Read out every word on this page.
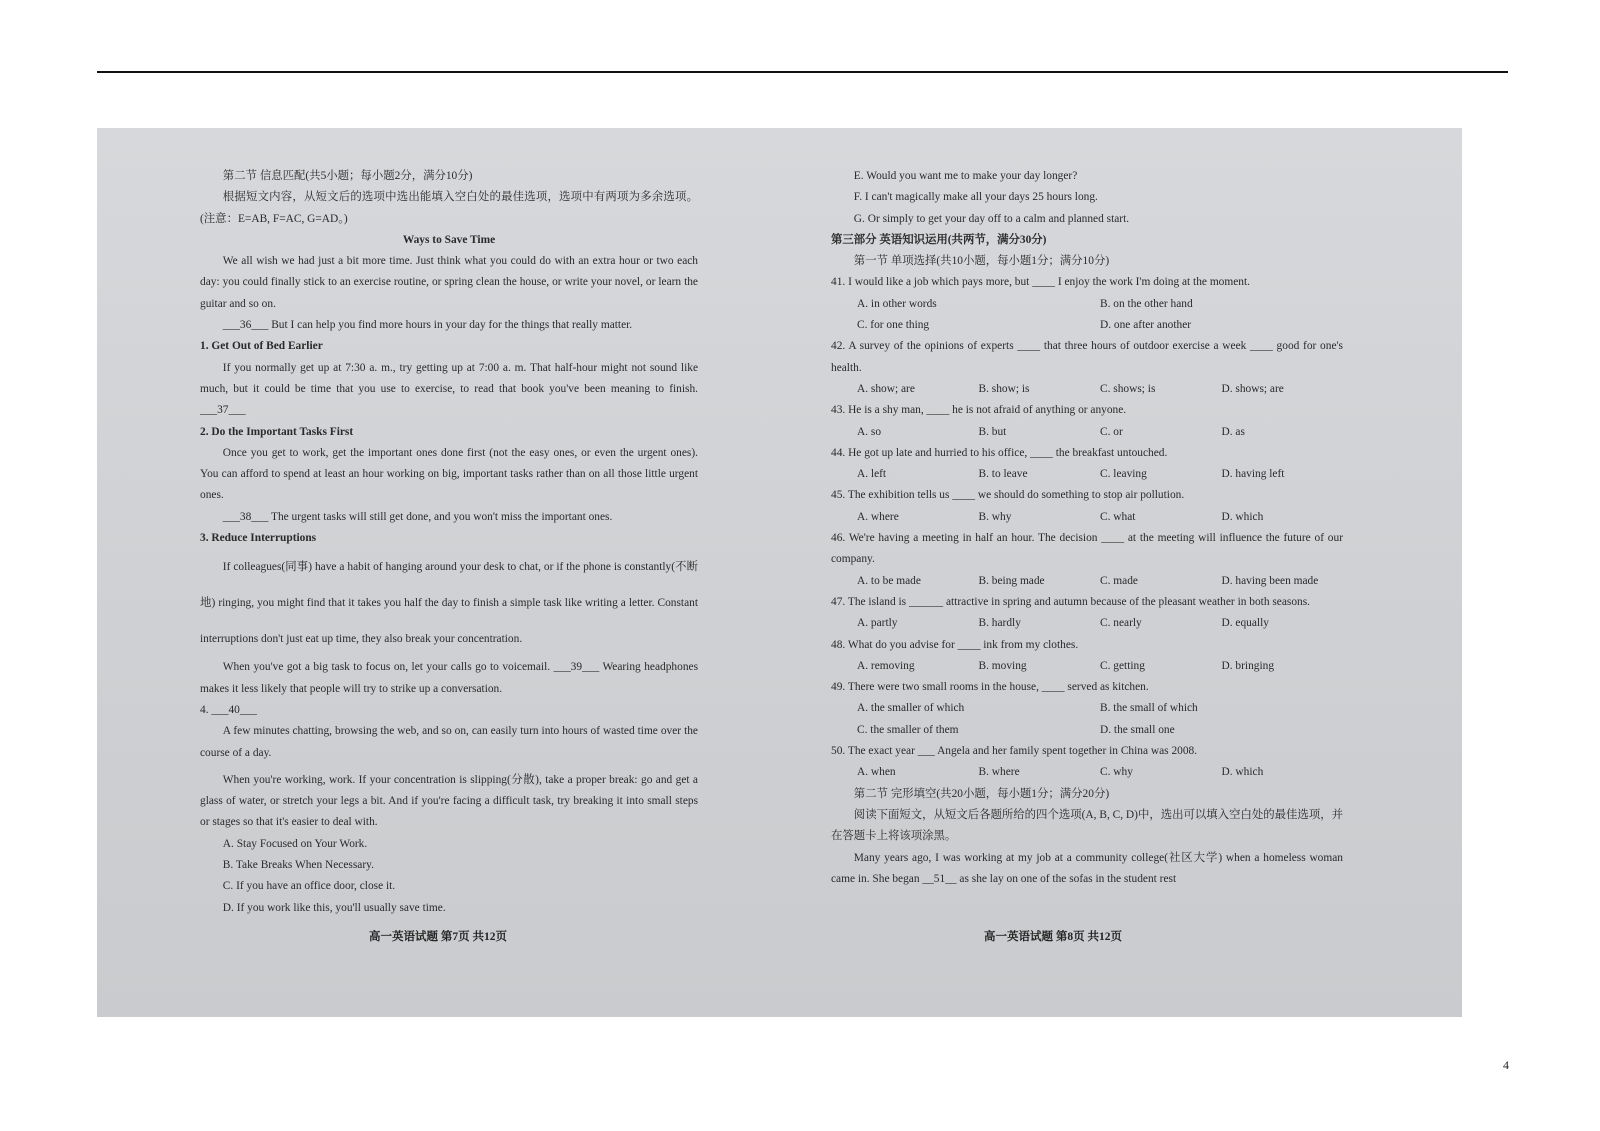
第二节 信息匹配(共5小题；每小题2分，满分10分)

根据短文内容，从短文后的选项中选出能填入空白处的最佳选项，选项中有两项为多余选项。(注意：E=AB, F=AC, G=AD。)

Ways to Save Time

We all wish we had just a bit more time. Just think what you could do with an extra hour or two each day: you could finally stick to an exercise routine, or spring clean the house, or write your novel, or learn the guitar and so on.

___36___ But I can help you find more hours in your day for the things that really matter.

1. Get Out of Bed Earlier

If you normally get up at 7:30 a. m., try getting up at 7:00 a. m. That half-hour might not sound like much, but it could be time that you use to exercise, to read that book you've been meaning to finish. ___37___

2. Do the Important Tasks First

Once you get to work, get the important ones done first (not the easy ones, or even the urgent ones). You can afford to spend at least an hour working on big, important tasks rather than on all those little urgent ones.

___38___ The urgent tasks will still get done, and you won't miss the important ones.

3. Reduce Interruptions

If colleagues(同事) have a habit of hanging around your desk to chat, or if the phone is constantly(不断地) ringing, you might find that it takes you half the day to finish a simple task like writing a letter. Constant interruptions don't just eat up time, they also break your concentration.

When you've got a big task to focus on, let your calls go to voicemail. ___39___ Wearing headphones makes it less likely that people will try to strike up a conversation.

4. ___40___

A few minutes chatting, browsing the web, and so on, can easily turn into hours of wasted time over the course of a day.

When you're working, work. If your concentration is slipping(分散), take a proper break: go and get a glass of water, or stretch your legs a bit. And if you're facing a difficult task, try breaking it into small steps or stages so that it's easier to deal with.

A. Stay Focused on Your Work.

B. Take Breaks When Necessary.

C. If you have an office door, close it.

D. If you work like this, you'll usually save time.

高一英语试题 第7页 共12页

E. Would you want me to make your day longer?

F. I can't magically make all your days 25 hours long.

G. Or simply to get your day off to a calm and planned start.

第三部分 英语知识运用(共两节，满分30分)

第一节 单项选择(共10小题，每小题1分；满分10分)

41. I would like a job which pays more, but ____ I enjoy the work I'm doing at the moment.

A. in other words	B. on the other hand
C. for one thing	D. one after another

42. A survey of the opinions of experts ____ that three hours of outdoor exercise a week ____ good for one's health.

A. show; are	B. show; is	C. shows; is	D. shows; are

43. He is a shy man, ____ he is not afraid of anything or anyone.

A. so	B. but	C. or	D. as

44. He got up late and hurried to his office, ____ the breakfast untouched.

A. left	B. to leave	C. leaving	D. having left

45. The exhibition tells us ____ we should do something to stop air pollution.

A. where	B. why	C. what	D. which

46. We're having a meeting in half an hour. The decision ____ at the meeting will influence the future of our company.

A. to be made	B. being made	C. made	D. having been made

47. The island is ______ attractive in spring and autumn because of the pleasant weather in both seasons.

A. partly	B. hardly	C. nearly	D. equally

48. What do you advise for ____ ink from my clothes.

A. removing	B. moving	C. getting	D. bringing

49. There were two small rooms in the house, ____ served as kitchen.

A. the smaller of which	B. the small of which
C. the smaller of them	D. the small one

50. The exact year ___ Angela and her family spent together in China was 2008.

A. when	B. where	C. why	D. which

第二节 完形填空(共20小题，每小题1分；满分20分)

阅读下面短文，从短文后各题所给的四个选项(A, B, C, D)中，选出可以填入空白处的最佳选项，并在答题卡上将该项涂黑。

Many years ago, I was working at my job at a community college(社区大学) when a homeless woman came in. She began __51__ as she lay on one of the sofas in the student rest

高一英语试题 第8页 共12页
4
